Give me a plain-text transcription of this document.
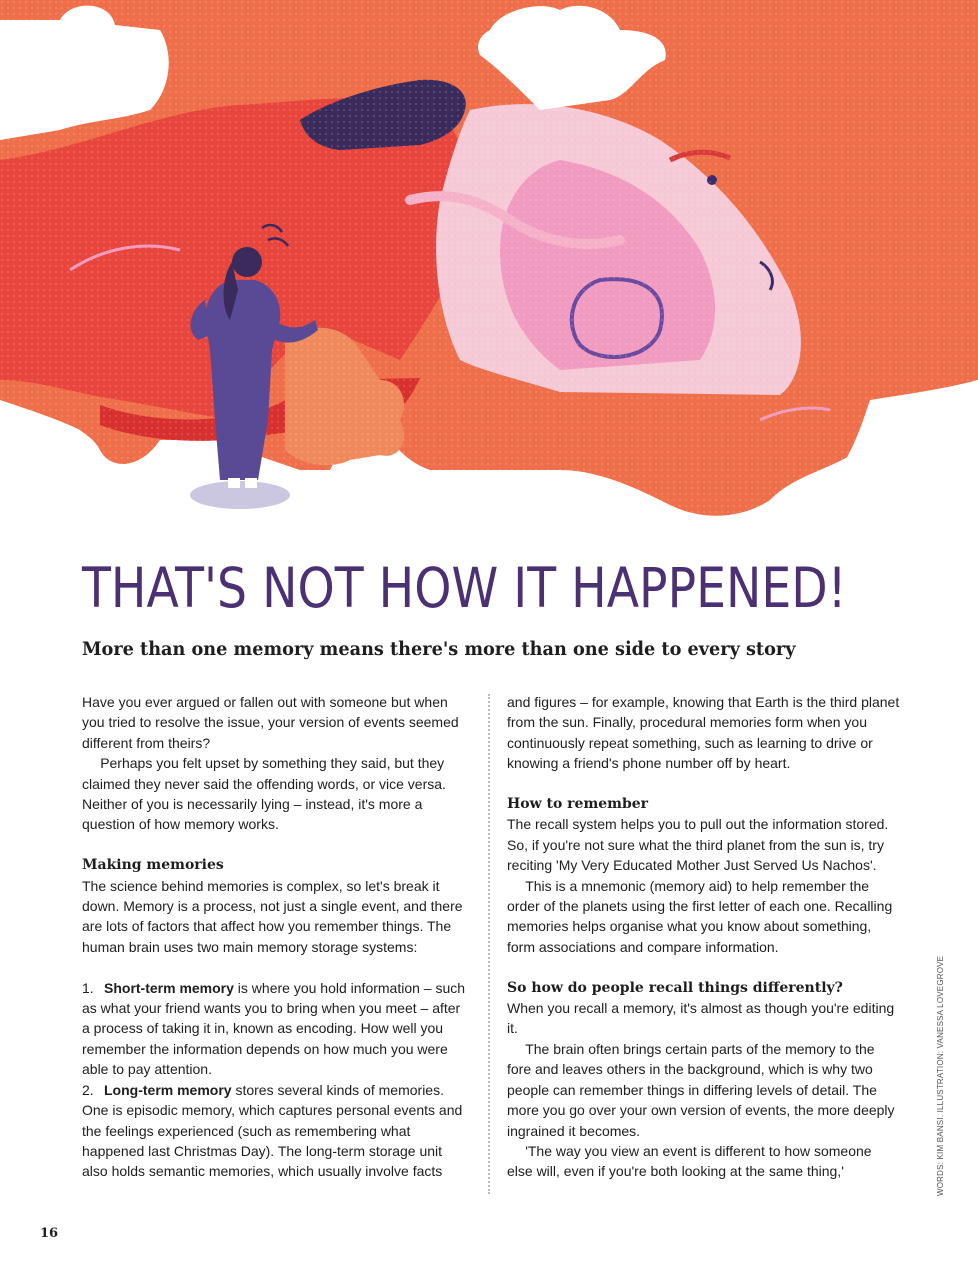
THAT'S NOT HOW IT HAPPENED!

More than one memory means there's more than one side to every story

Have you ever argued or fallen out with someone but when you tried to resolve the issue, your version of events seemed different from theirs?

Perhaps you felt upset by something they said, but they claimed they never said the offending words, or vice versa. Neither of you is necessarily lying – instead, it's more a question of how memory works.

Making memories

The science behind memories is complex, so let's break it down. Memory is a process, not just a single event, and there are lots of factors that affect how you remember things. The human brain uses two main memory storage systems:

1. Short-term memory is where you hold information – such as what your friend wants you to bring when you meet – after a process of taking it in, known as encoding. How well you remember the information depends on how much you were able to pay attention.

2. Long-term memory stores several kinds of memories. One is episodic memory, which captures personal events and the feelings experienced (such as remembering what happened last Christmas Day). The long-term storage unit also holds semantic memories, which usually involve facts

and figures – for example, knowing that Earth is the third planet from the sun. Finally, procedural memories form when you continuously repeat something, such as learning to drive or knowing a friend's phone number off by heart.

How to remember

The recall system helps you to pull out the information stored. So, if you're not sure what the third planet from the sun is, try reciting 'My Very Educated Mother Just Served Us Nachos'.

This is a mnemonic (memory aid) to help remember the order of the planets using the first letter of each one. Recalling memories helps organise what you know about something, form associations and compare information.

So how do people recall things differently?

When you recall a memory, it's almost as though you're editing it.

The brain often brings certain parts of the memory to the fore and leaves others in the background, which is why two people can remember things in differing levels of detail. The more you go over your own version of events, the more deeply ingrained it becomes.

'The way you view an event is different to how someone else will, even if you're both looking at the same thing,'	WORDS: KIM BANSI. ILLUSTRATION: VANESSA LOVEGROVE
16
